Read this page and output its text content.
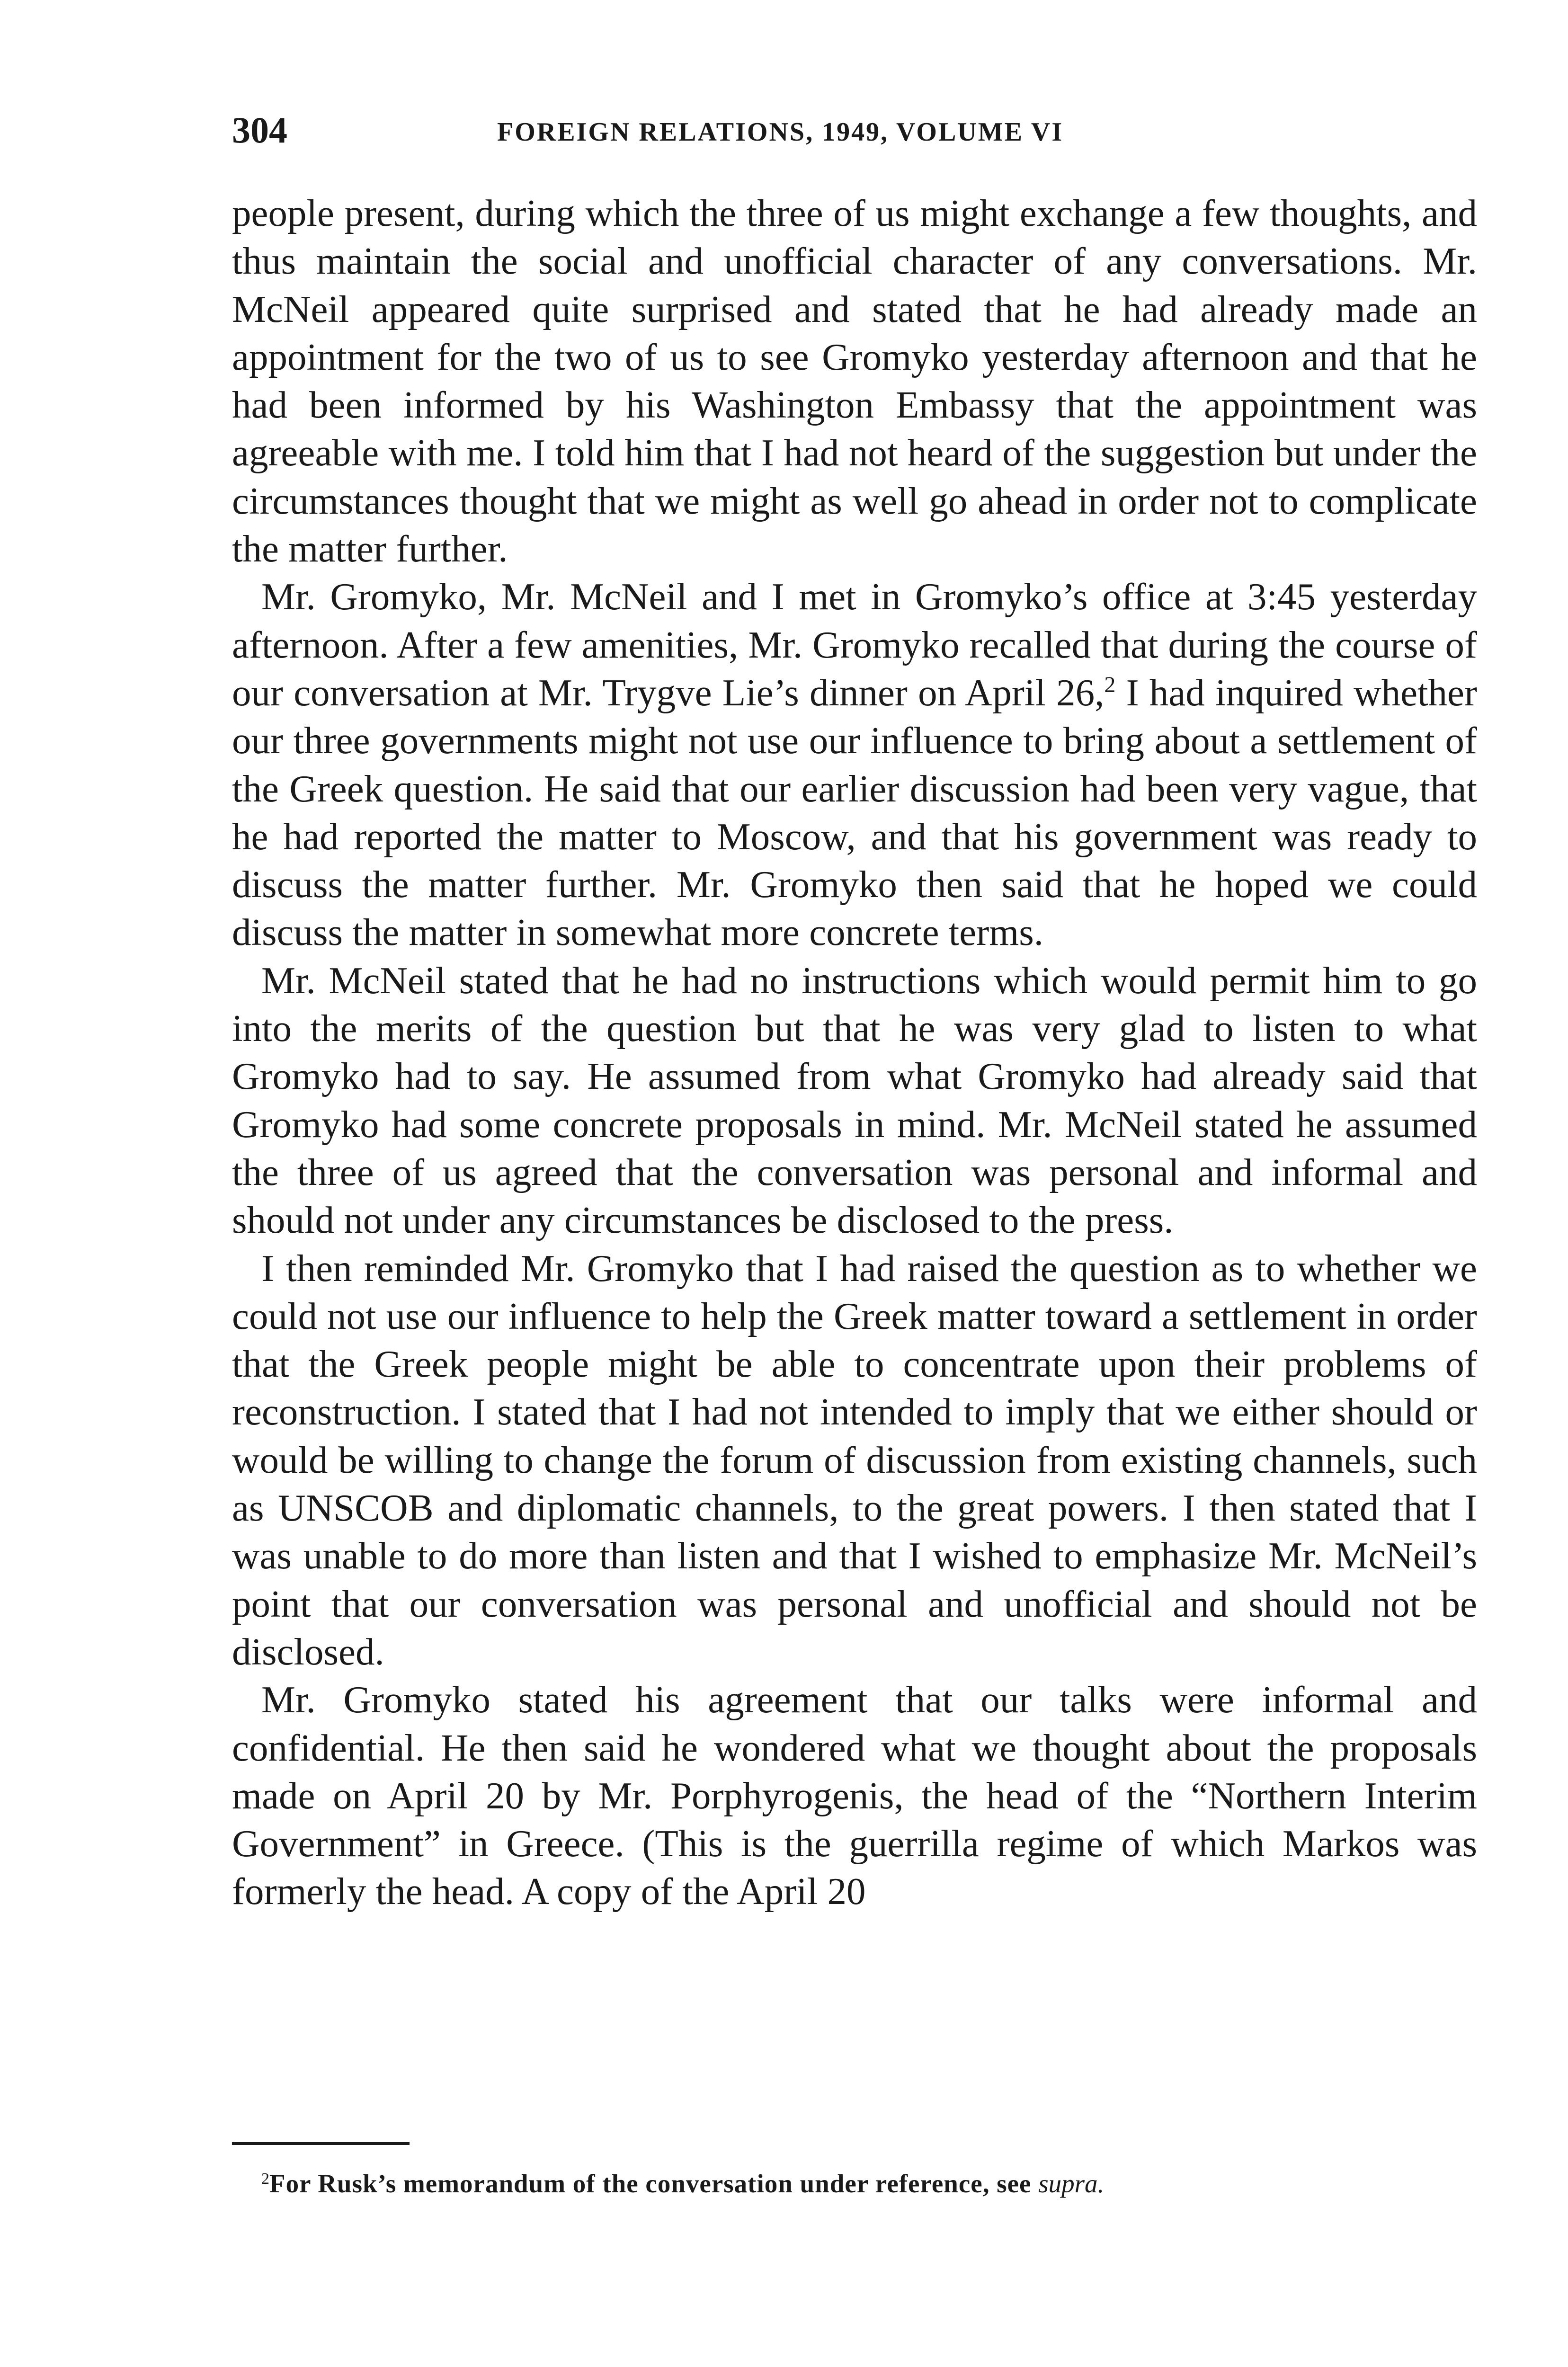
304	FOREIGN RELATIONS, 1949, VOLUME VI

people present, during which the three of us might exchange a few thoughts, and thus maintain the social and unofficial character of any conversations. Mr. McNeil appeared quite surprised and stated that he had already made an appointment for the two of us to see Gromyko yesterday afternoon and that he had been informed by his Washington Embassy that the appointment was agreeable with me. I told him that I had not heard of the suggestion but under the circumstances thought that we might as well go ahead in order not to complicate the matter further.

Mr. Gromyko, Mr. McNeil and I met in Gromyko’s office at 3:45 yesterday afternoon. After a few amenities, Mr. Gromyko recalled that during the course of our conversation at Mr. Trygve Lie’s dinner on April 26,$^2$ I had inquired whether our three governments might not use our influence to bring about a settlement of the Greek question. He said that our earlier discussion had been very vague, that he had reported the matter to Moscow, and that his government was ready to discuss the matter further. Mr. Gromyko then said that he hoped we could discuss the matter in somewhat more concrete terms.

Mr. McNeil stated that he had no instructions which would permit him to go into the merits of the question but that he was very glad to listen to what Gromyko had to say. He assumed from what Gromyko had already said that Gromyko had some concrete proposals in mind. Mr. McNeil stated he assumed the three of us agreed that the conversation was personal and informal and should not under any circumstances be disclosed to the press.

I then reminded Mr. Gromyko that I had raised the question as to whether we could not use our influence to help the Greek matter toward a settlement in order that the Greek people might be able to concentrate upon their problems of reconstruction. I stated that I had not intended to imply that we either should or would be willing to change the forum of discussion from existing channels, such as UNSCOB and diplomatic channels, to the great powers. I then stated that I was unable to do more than listen and that I wished to emphasize Mr. McNeil’s point that our conversation was personal and unofficial and should not be disclosed.

Mr. Gromyko stated his agreement that our talks were informal and confidential. He then said he wondered what we thought about the proposals made on April 20 by Mr. Porphyrogenis, the head of the “Northern Interim Government” in Greece. (This is the guerrilla regime of which Markos was formerly the head. A copy of the April 20

$^2$For Rusk’s memorandum of the conversation under reference, see supra.
